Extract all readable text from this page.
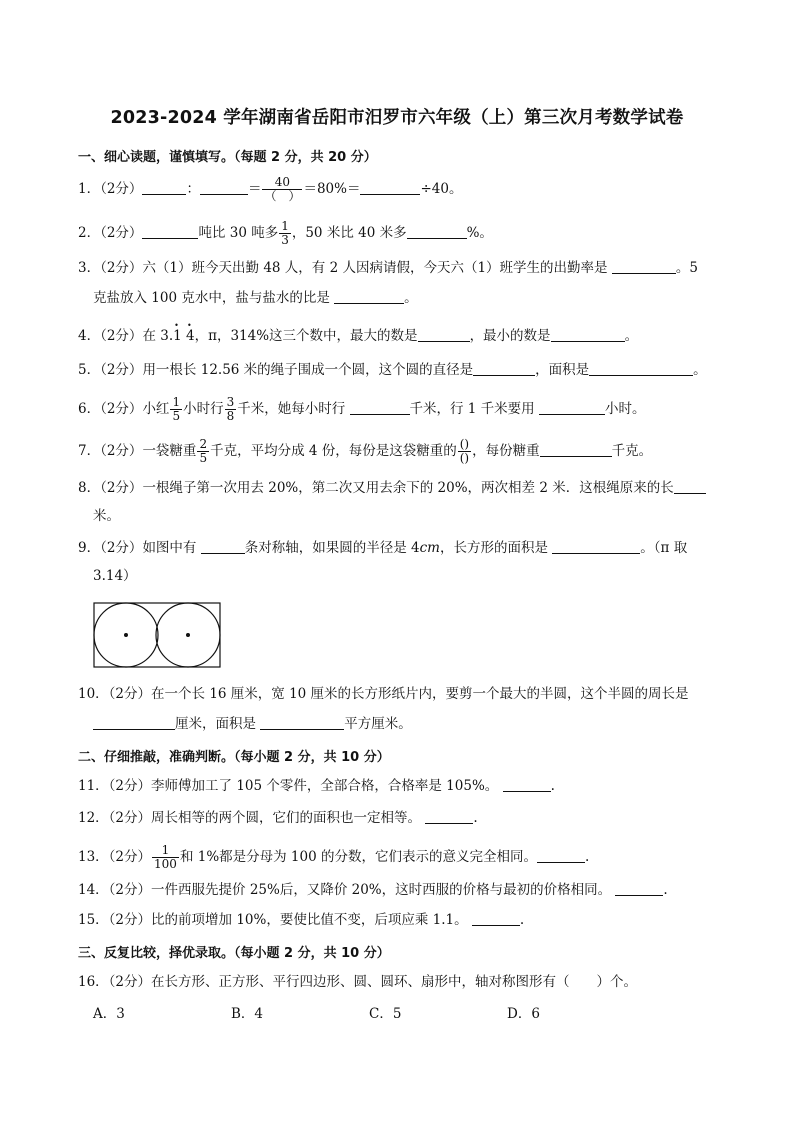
2023-2024 学年湖南省岳阳市汨罗市六年级（上）第三次月考数学试卷
一、细心读题，谨慎填写。（每题 2 分，共 20 分）
1．（2分）	：	＝ $\frac{40}{( )} =80\%=$	÷40。
2．（2分）	吨比 30 吨多 $\frac{1}{3}$ ，50 米比 40 米多	%。
3．（2分）六（1）班今天出勤 48 人，有 2 人因病请假，今天六（1）班学生的出勤率是	。5
克盐放入 100 克水中，盐与盐水的比是	。
4．（2分）在 3.• 1 • 4，π，314%这三个数中，最大的数是	，最小的数是	。
5．（2分）用一根长 12.56 米的绳子围成一个圆，这个圆的直径是	，面积是	。
6．（2分）小红 $\frac{1}{5}$ 小时行 $\frac{3}{8}$ 千米，她每小时行	千米，行 1 千米要用	小时。
7．（2分）一袋糖重 $\frac{2}{5}$ 千克，平均分成 4 份，每份是这袋糖重的 $\frac{()}{()}$ ，每份糖重	千克。
8．（2分）一根绳子第一次用去 20%，第二次又用去余下的 20%，两次相差 2 米．这根绳原来的长
米。
9．（2分）如图中有	条对称轴，如果圆的半径是 4cm，长方形的面积是	。（π 取
3.14）
10．（2分）在一个长 16 厘米，宽 10 厘米的长方形纸片内，要剪一个最大的半圆，这个半圆的周长是
厘米，面积是	平方厘米。
二、仔细推敲，准确判断。（每小题 2 分，共 10 分）
11．（2分）李师傅加工了 105 个零件，全部合格，合格率是 105%。	.
12．（2分）周长相等的两个圆，它们的面积也一定相等。	.
13．（2分） $\frac{1}{100}$ 和 1%都是分母为 100 的分数，它们表示的意义完全相同。	.
14．（2分）一件西服先提价 25%后，又降价 20%，这时西服的价格与最初的价格相同。	.
15．（2分）比的前项增加 10%，要使比值不变，后项应乘 1.1。	.
三、反复比较，择优录取。（每小题 2 分，共 10 分）
16．（2分）在长方形、正方形、平行四边形、圆、圆环、扇形中，轴对称图形有（　　）个。
A．3	B．4	C．5	D．6
